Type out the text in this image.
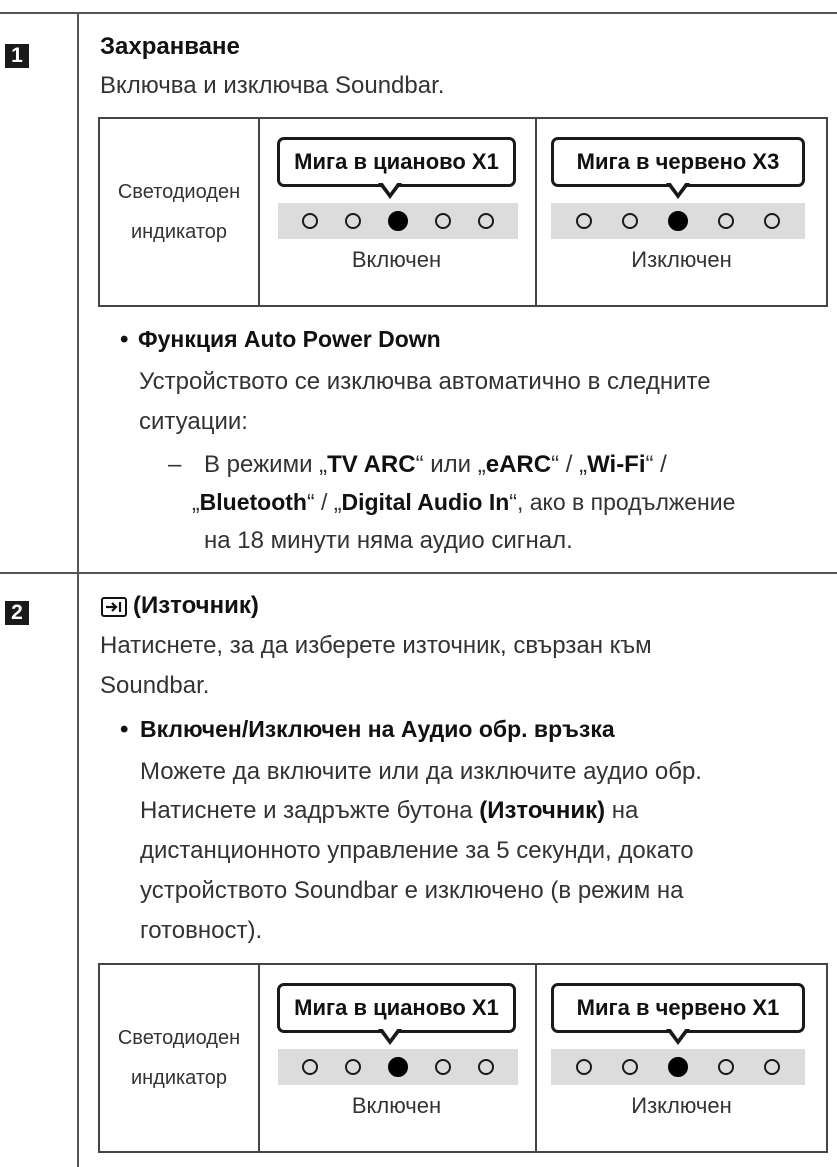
1	Захранване
Включва и изключва Soundbar.
Светодиоден
индикатор
Мига в цианово X1
Включен
Мига в червено X3
Изключен
• Функция Auto Power Down
Устройството се изключва автоматично в следните
ситуации:
– В режими „TV ARC“ или „eARC“ / „Wi-Fi“ /
„Bluetooth“ / „Digital Audio In“, ако в продължение
на 18 минути няма аудио сигнал.
2	(Източник)
Натиснете, за да изберете източник, свързан към
Soundbar.
• Включен/Изключен на Аудио обр. връзка
Можете да включите или да изключите аудио обр.
Натиснете и задръжте бутона (Източник) на
дистанционното управление за 5 секунди, докато
устройството Soundbar е изключено (в режим на
готовност).
Светодиоден
индикатор
Мига в цианово X1
Включен
Мига в червено X1
Изключен
